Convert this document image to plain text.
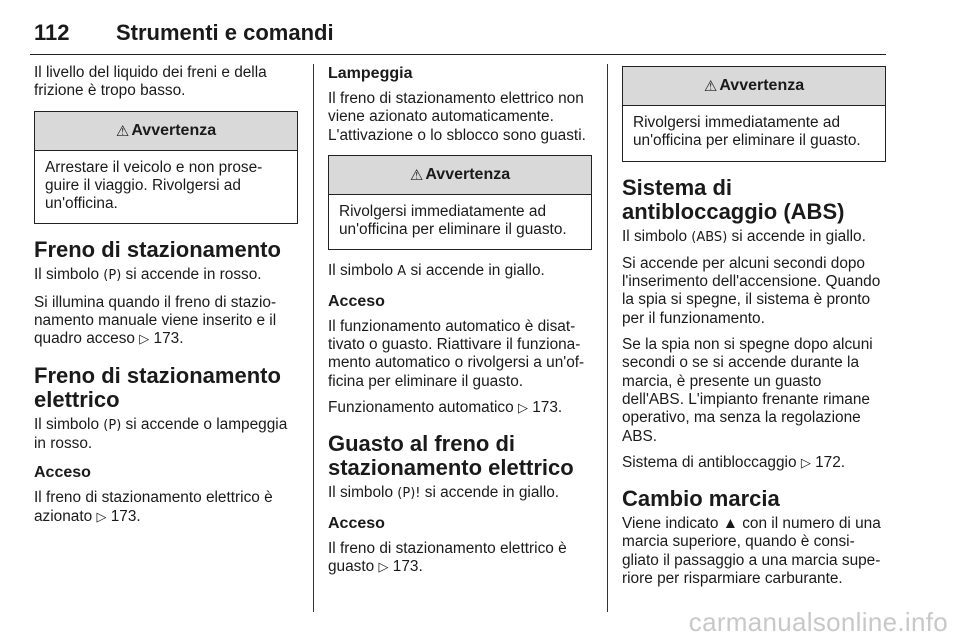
112 Strumenti e comandi

Il livello del liquido dei freni e della frizione è tropo basso.

⚠ Avvertenza

Arrestare il veicolo e non prose- guire il viaggio. Rivolgersi ad un'officina.

Freno di stazionamento

Il simbolo (P) si accende in rosso.

Si illumina quando il freno di stazio- namento manuale viene inserito e il quadro acceso ▷ 173.

Freno di stazionamento elettrico

Il simbolo (P) si accende o lampeggia in rosso.

Acceso

Il freno di stazionamento elettrico è azionato ▷ 173.

Lampeggia

Il freno di stazionamento elettrico non viene azionato automaticamente. L'attivazione o lo sblocco sono guasti.

⚠ Avvertenza

Rivolgersi immediatamente ad un'officina per eliminare il guasto.

Il simbolo A si accende in giallo.

Acceso

Il funzionamento automatico è disat- tivato o guasto. Riattivare il funziona- mento automatico o rivolgersi a un'of- ficina per eliminare il guasto.

Funzionamento automatico ▷ 173.

Guasto al freno di stazionamento elettrico

Il simbolo (P)! si accende in giallo.

Acceso

Il freno di stazionamento elettrico è guasto ▷ 173.

⚠ Avvertenza

Rivolgersi immediatamente ad un'officina per eliminare il guasto.

Sistema di antibloccaggio (ABS)

Il simbolo (ABS) si accende in giallo.

Si accende per alcuni secondi dopo l'inserimento dell'accensione. Quando la spia si spegne, il sistema è pronto per il funzionamento.

Se la spia non si spegne dopo alcuni secondi o se si accende durante la marcia, è presente un guasto dell'ABS. L'impianto frenante rimane operativo, ma senza la regolazione ABS.

Sistema di antibloccaggio ▷ 172.

Cambio marcia

Viene indicato ▲ con il numero di una marcia superiore, quando è consi- gliato il passaggio a una marcia supe- riore per risparmiare carburante.

carmanualsonline.info
